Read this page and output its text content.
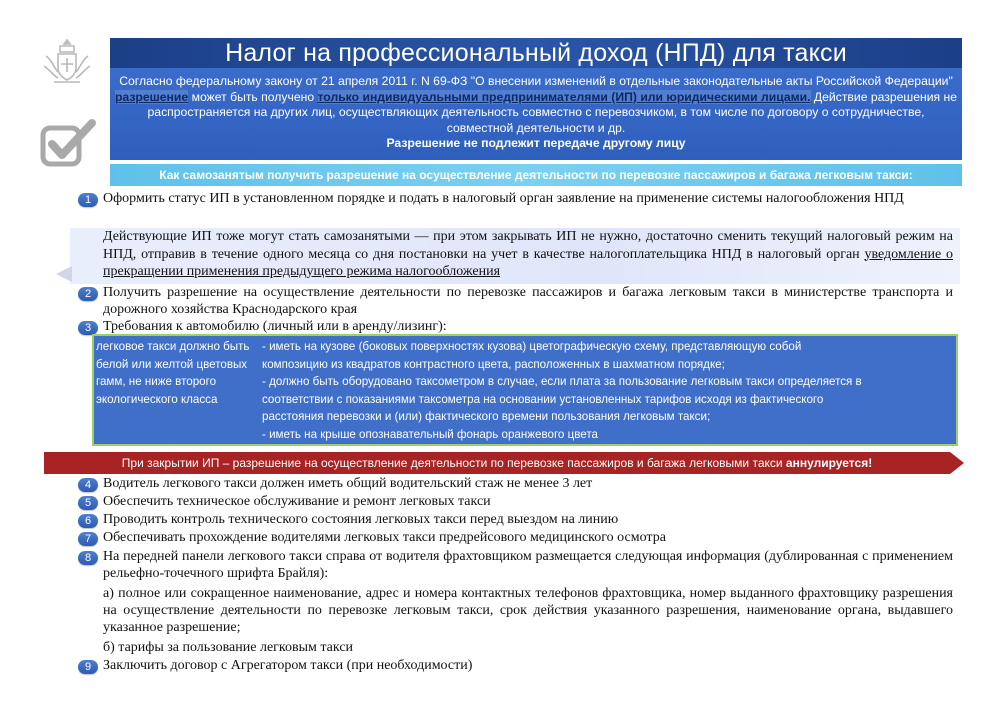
Налог на профессиональный доход (НПД) для такси
Согласно федеральному закону от 21 апреля 2011 г. N 69-ФЗ "О внесении изменений в отдельные законодательные акты Российской Федерации" разрешение может быть получено только индивидуальными предпринимателями (ИП) или юридическими лицами. Действие разрешения не распространяется на других лиц, осуществляющих деятельность совместно с перевозчиком, в том числе по договору о сотрудничестве, совместной деятельности и др.
Разрешение не подлежит передаче другому лицу
Как самозанятым получить разрешение на осуществление деятельности по перевозке пассажиров и багажа легковым такси:
1 Оформить статус ИП в установленном порядке и подать в налоговый орган заявление на применение системы налогообложения НПД
Действующие ИП тоже могут стать самозанятыми — при этом закрывать ИП не нужно, достаточно сменить текущий налоговый режим на НПД, отправив в течение одного месяца со дня постановки на учет в качестве налогоплательщика НПД в налоговый орган уведомление о прекращении применения предыдущего режима налогообложения
2 Получить разрешение на осуществление деятельности по перевозке пассажиров и багажа легковым такси в министерстве транспорта и дорожного хозяйства Краснодарского края
3 Требования к автомобилю (личный или в аренду/лизинг):
легковое такси должно быть белой или желтой цветовых гамм, не ниже второго экологического класса
- иметь на кузове (боковых поверхностях кузова) цветографическую схему, представляющую собой
композицию из квадратов контрастного цвета, расположенных в шахматном порядке;
- должно быть оборудовано таксометром в случае, если плата за пользование легковым такси определяется в
соответствии с показаниями таксометра на основании установленных тарифов исходя из фактического
расстояния перевозки и (или) фактического времени пользования легковым такси;
- иметь на крыше опознавательный фонарь оранжевого цвета
При закрытии ИП – разрешение на осуществление деятельности по перевозке пассажиров и багажа легковыми такси аннулируется!
4 Водитель легкового такси должен иметь общий водительский стаж не менее 3 лет
5 Обеспечить техническое обслуживание и ремонт легковых такси
6 Проводить контроль технического состояния легковых такси перед выездом на линию
7 Обеспечивать прохождение водителями легковых такси предрейсового медицинского осмотра
8 На передней панели легкового такси справа от водителя фрахтовщиком размещается следующая информация (дублированная с применением рельефно-точечного шрифта Брайля):
а) полное или сокращенное наименование, адрес и номера контактных телефонов фрахтовщика, номер выданного фрахтовщику разрешения на осуществление деятельности по перевозке легковым такси, срок действия указанного разрешения, наименование органа, выдавшего указанное разрешение;
б) тарифы за пользование легковым такси
9 Заключить договор с Агрегатором такси (при необходимости)
